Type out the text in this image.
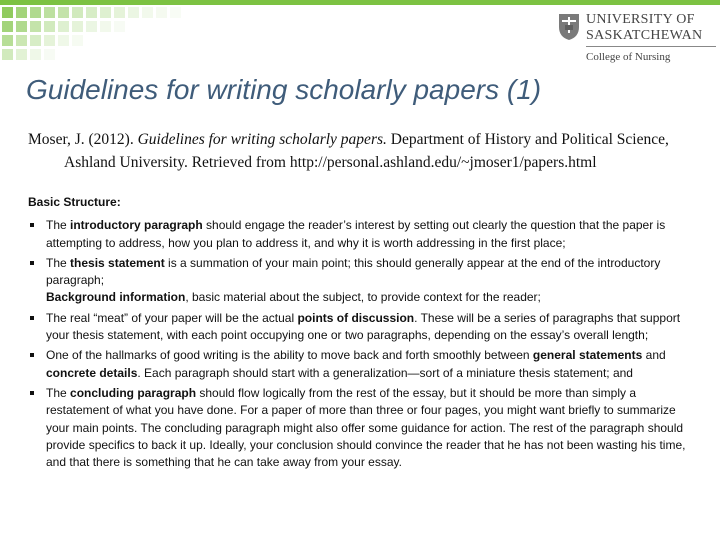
UNIVERSITY OF
SASKATCHEWAN
College of Nursing
Guidelines for writing scholarly papers (1)
Moser, J. (2012). Guidelines for writing scholarly papers. Department of History and Political Science, Ashland University. Retrieved from http://personal.ashland.edu/~jmoser1/papers.html
Basic Structure:
The introductory paragraph should engage the reader’s interest by setting out clearly the question that the paper is attempting to address, how you plan to address it, and why it is worth addressing in the first place;
The thesis statement is a summation of your main point; this should generally appear at the end of the introductory paragraph;
Background information, basic material about the subject, to provide context for the reader;
The real “meat” of your paper will be the actual points of discussion. These will be a series of paragraphs that support your thesis statement, with each point occupying one or two paragraphs, depending on the essay’s overall length;
One of the hallmarks of good writing is the ability to move back and forth smoothly between general statements and concrete details. Each paragraph should start with a generalization—sort of a miniature thesis statement; and
The concluding paragraph should flow logically from the rest of the essay, but it should be more than simply a restatement of what you have done. For a paper of more than three or four pages, you might want briefly to summarize your main points. The concluding paragraph might also offer some guidance for action. The rest of the paragraph should provide specifics to back it up. Ideally, your conclusion should convince the reader that he has not been wasting his time, and that there is something that he can take away from your essay.
